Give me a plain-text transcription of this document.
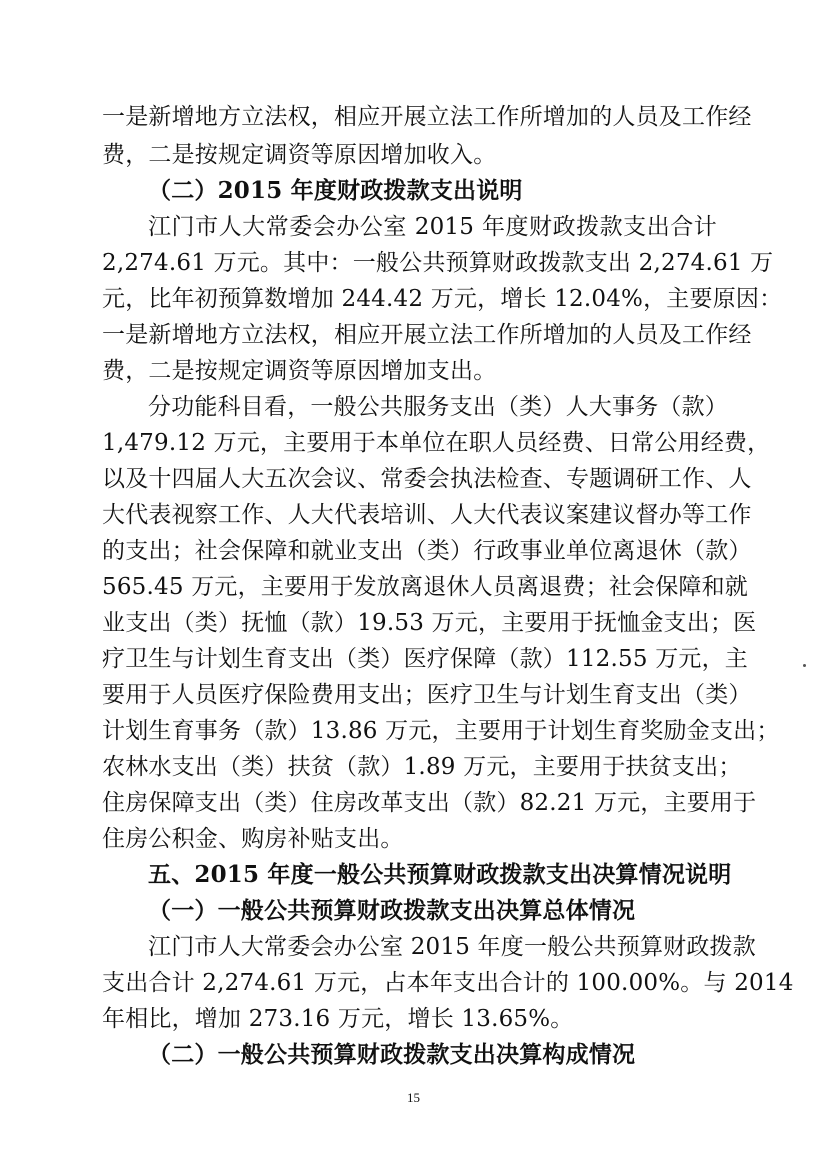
一是新增地方立法权，相应开展立法工作所增加的人员及工作经
费，二是按规定调资等原因增加收入。
（二）2015 年度财政拨款支出说明
江门市人大常委会办公室 2015 年度财政拨款支出合计
2,274.61 万元。其中：一般公共预算财政拨款支出 2,274.61 万
元，比年初预算数增加 244.42 万元，增长 12.04%，主要原因：
一是新增地方立法权，相应开展立法工作所增加的人员及工作经
费，二是按规定调资等原因增加支出。
分功能科目看，一般公共服务支出（类）人大事务（款）
1,479.12 万元，主要用于本单位在职人员经费、日常公用经费，
以及十四届人大五次会议、常委会执法检查、专题调研工作、人
大代表视察工作、人大代表培训、人大代表议案建议督办等工作
的支出；社会保障和就业支出（类）行政事业单位离退休（款）
565.45 万元，主要用于发放离退休人员离退费；社会保障和就
业支出（类）抚恤（款）19.53 万元，主要用于抚恤金支出；医
疗卫生与计划生育支出（类）医疗保障（款）112.55 万元，主
要用于人员医疗保险费用支出；医疗卫生与计划生育支出（类）
计划生育事务（款）13.86 万元，主要用于计划生育奖励金支出；
农林水支出（类）扶贫（款）1.89 万元，主要用于扶贫支出；
住房保障支出（类）住房改革支出（款）82.21 万元，主要用于
住房公积金、购房补贴支出。
五、2015 年度一般公共预算财政拨款支出决算情况说明
（一）一般公共预算财政拨款支出决算总体情况
江门市人大常委会办公室 2015 年度一般公共预算财政拨款
支出合计 2,274.61 万元，占本年支出合计的 100.00%。与 2014
年相比，增加 273.16 万元，增长 13.65%。
（二）一般公共预算财政拨款支出决算构成情况
15
